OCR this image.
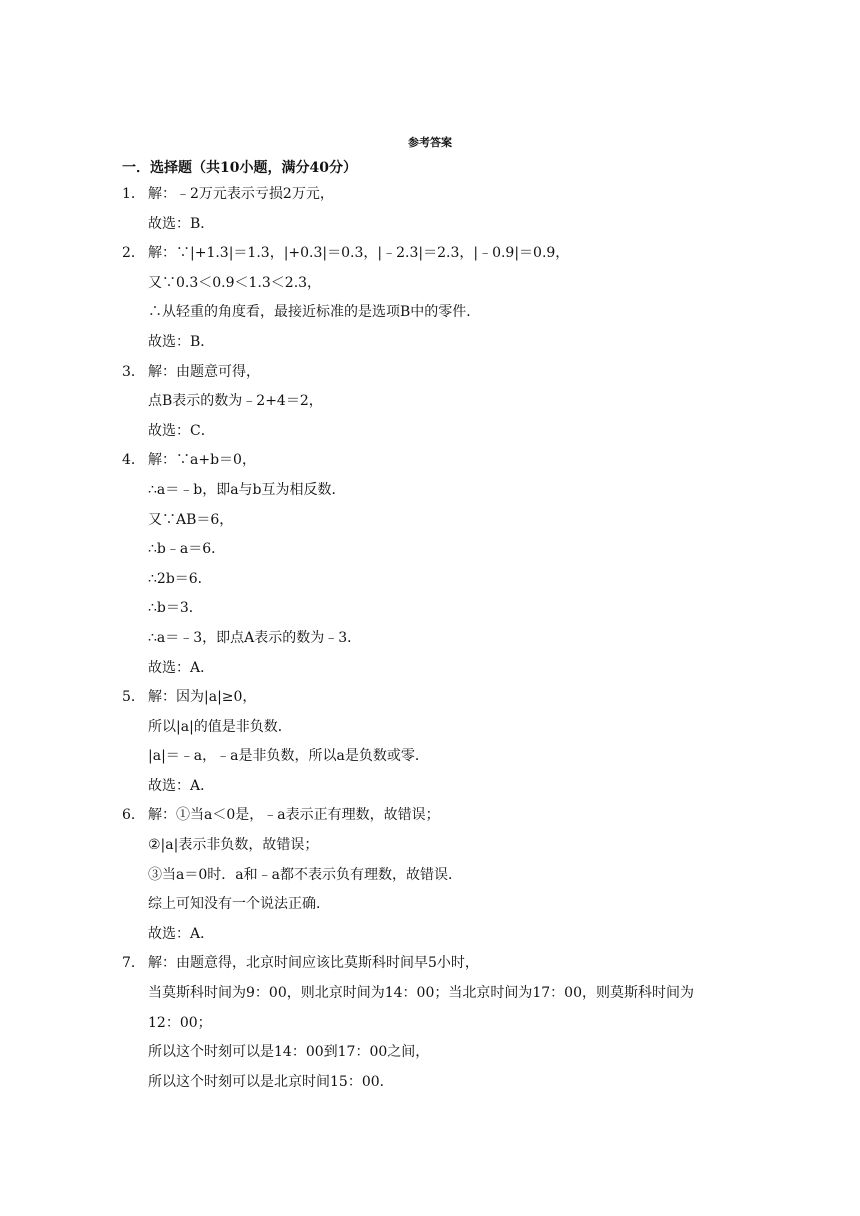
参考答案
一．选择题（共10小题，满分40分）
1． 解：﹣2万元表示亏损2万元，
故选：B．
2． 解：∵|+1.3|＝1.3，|+0.3|＝0.3，|﹣2.3|＝2.3，|﹣0.9|＝0.9，
又∵0.3＜0.9＜1.3＜2.3，
∴从轻重的角度看，最接近标准的是选项B中的零件．
故选：B．
3． 解：由题意可得，
点B表示的数为﹣2+4＝2，
故选：C．
4． 解：∵a+b＝0，
∴a＝﹣b，即a与b互为相反数．
又∵AB＝6，
∴b﹣a＝6．
∴2b＝6．
∴b＝3．
∴a＝﹣3，即点A表示的数为﹣3．
故选：A．
5． 解：因为|a|≥0，
所以|a|的值是非负数．
|a|＝﹣a，﹣a是非负数，所以a是负数或零．
故选：A．
6． 解：①当a＜0是，﹣a表示正有理数，故错误；
②|a|表示非负数，故错误；
③当a＝0时．a和﹣a都不表示负有理数，故错误．
综上可知没有一个说法正确．
故选：A．
7． 解：由题意得，北京时间应该比莫斯科时间早5小时，
当莫斯科时间为9：00，则北京时间为14：00；当北京时间为17：00，则莫斯科时间为
12：00；
所以这个时刻可以是14：00到17：00之间，
所以这个时刻可以是北京时间15：00．
